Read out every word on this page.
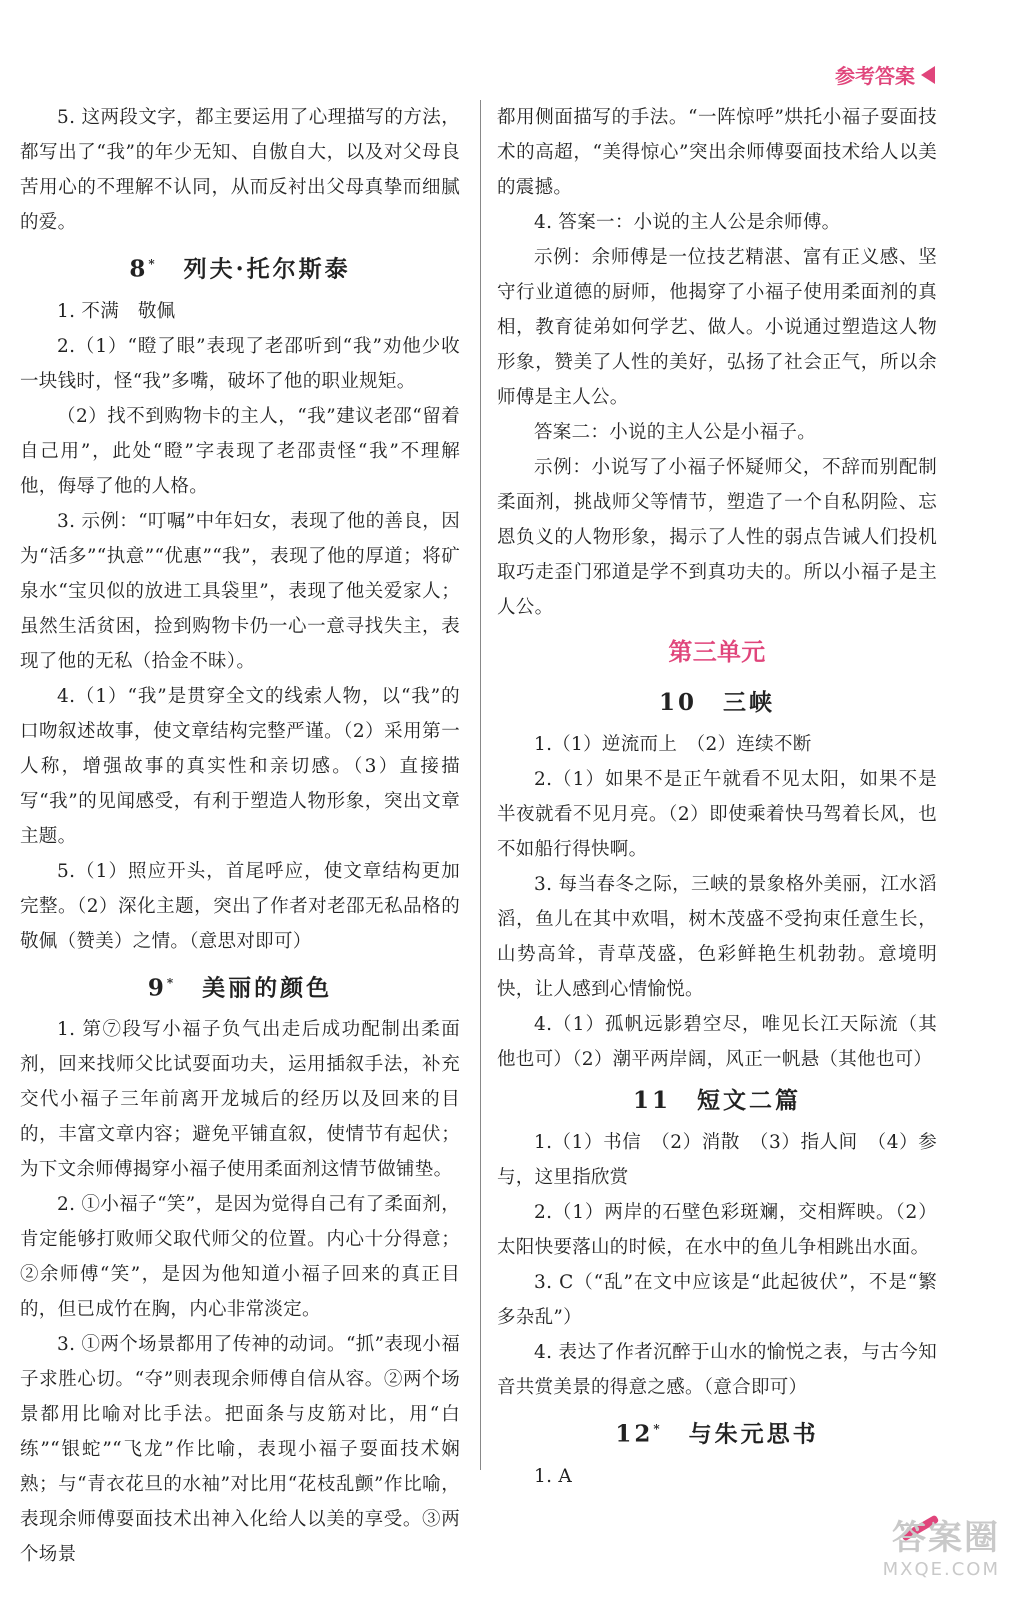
参考答案

5. 这两段文字，都主要运用了心理描写的方法，都写出了“我”的年少无知、自傲自大，以及对父母良苦用心的不理解不认同，从而反衬出父母真挚而细腻的爱。

8*　 列夫·托尔斯泰

1. 不满　敬佩

2.（1）“瞪了眼”表现了老邵听到“我”劝他少收一块钱时，怪“我”多嘴，破坏了他的职业规矩。

（2）找不到购物卡的主人，“我”建议老邵“留着自己用”，此处“瞪”字表现了老邵责怪“我”不理解他，侮辱了他的人格。

3. 示例：“叮嘱”中年妇女，表现了他的善良，因为“活多”“执意”“优惠”“我”，表现了他的厚道；将矿泉水“宝贝似的放进工具袋里”，表现了他关爱家人；虽然生活贫困，捡到购物卡仍一心一意寻找失主，表现了他的无私（拾金不昧）。

4.（1）“我”是贯穿全文的线索人物，以“我”的口吻叙述故事，使文章结构完整严谨。（2）采用第一人称，增强故事的真实性和亲切感。（3）直接描写“我”的见闻感受，有利于塑造人物形象，突出文章主题。

5.（1）照应开头，首尾呼应，使文章结构更加完整。（2）深化主题，突出了作者对老邵无私品格的敬佩（赞美）之情。（意思对即可）

9*　 美丽的颜色

1. 第⑦段写小福子负气出走后成功配制出柔面剂，回来找师父比试耍面功夫，运用插叙手法，补充交代小福子三年前离开龙城后的经历以及回来的目的，丰富文章内容；避免平铺直叙，使情节有起伏；为下文余师傅揭穿小福子使用柔面剂这情节做铺垫。

2. ①小福子“笑”，是因为觉得自己有了柔面剂，肯定能够打败师父取代师父的位置。内心十分得意；②余师傅“笑”，是因为他知道小福子回来的真正目的，但已成竹在胸，内心非常淡定。

3. ①两个场景都用了传神的动词。“抓”表现小福子求胜心切。“夺”则表现余师傅自信从容。②两个场景都用比喻对比手法。把面条与皮筋对比，用“白练”“银蛇”“飞龙”作比喻，表现小福子耍面技术娴熟；与“青衣花旦的水袖”对比用“花枝乱颤”作比喻，表现余师傅耍面技术出神入化给人以美的享受。③两个场景

都用侧面描写的手法。“一阵惊呼”烘托小福子耍面技术的高超，“美得惊心”突出余师傅耍面技术给人以美的震撼。

4. 答案一：小说的主人公是余师傅。

示例：余师傅是一位技艺精湛、富有正义感、坚守行业道德的厨师，他揭穿了小福子使用柔面剂的真相，教育徒弟如何学艺、做人。小说通过塑造这人物形象，赞美了人性的美好，弘扬了社会正气，所以余师傅是主人公。

答案二：小说的主人公是小福子。

示例：小说写了小福子怀疑师父，不辞而别配制柔面剂，挑战师父等情节，塑造了一个自私阴险、忘恩负义的人物形象，揭示了人性的弱点告诫人们投机取巧走歪门邪道是学不到真功夫的。所以小福子是主人公。

第三单元
10　 三峡

1.（1）逆流而上　（2）连续不断

2.（1）如果不是正午就看不见太阳，如果不是半夜就看不见月亮。（2）即使乘着快马驾着长风，也不如船行得快啊。

3. 每当春冬之际，三峡的景象格外美丽，江水滔滔，鱼儿在其中欢唱，树木茂盛不受拘束任意生长，山势高耸，青草茂盛，色彩鲜艳生机勃勃。意境明快，让人感到心情愉悦。

4.（1）孤帆远影碧空尽，唯见长江天际流（其他也可）（2）潮平两岸阔，风正一帆悬（其他也可）

11　 短文二篇

1.（1）书信　（2）消散　（3）指人间　（4）参与，这里指欣赏

2.（1）两岸的石壁色彩斑斓，交相辉映。（2）太阳快要落山的时候，在水中的鱼儿争相跳出水面。

3. C（“乱”在文中应该是“此起彼伏”，不是“繁多杂乱”）

4. 表达了作者沉醉于山水的愉悦之表，与古今知音共赏美景的得意之感。（意合即可）

12*　 与朱元思书

1. A

答案圈
MXQE.COM
